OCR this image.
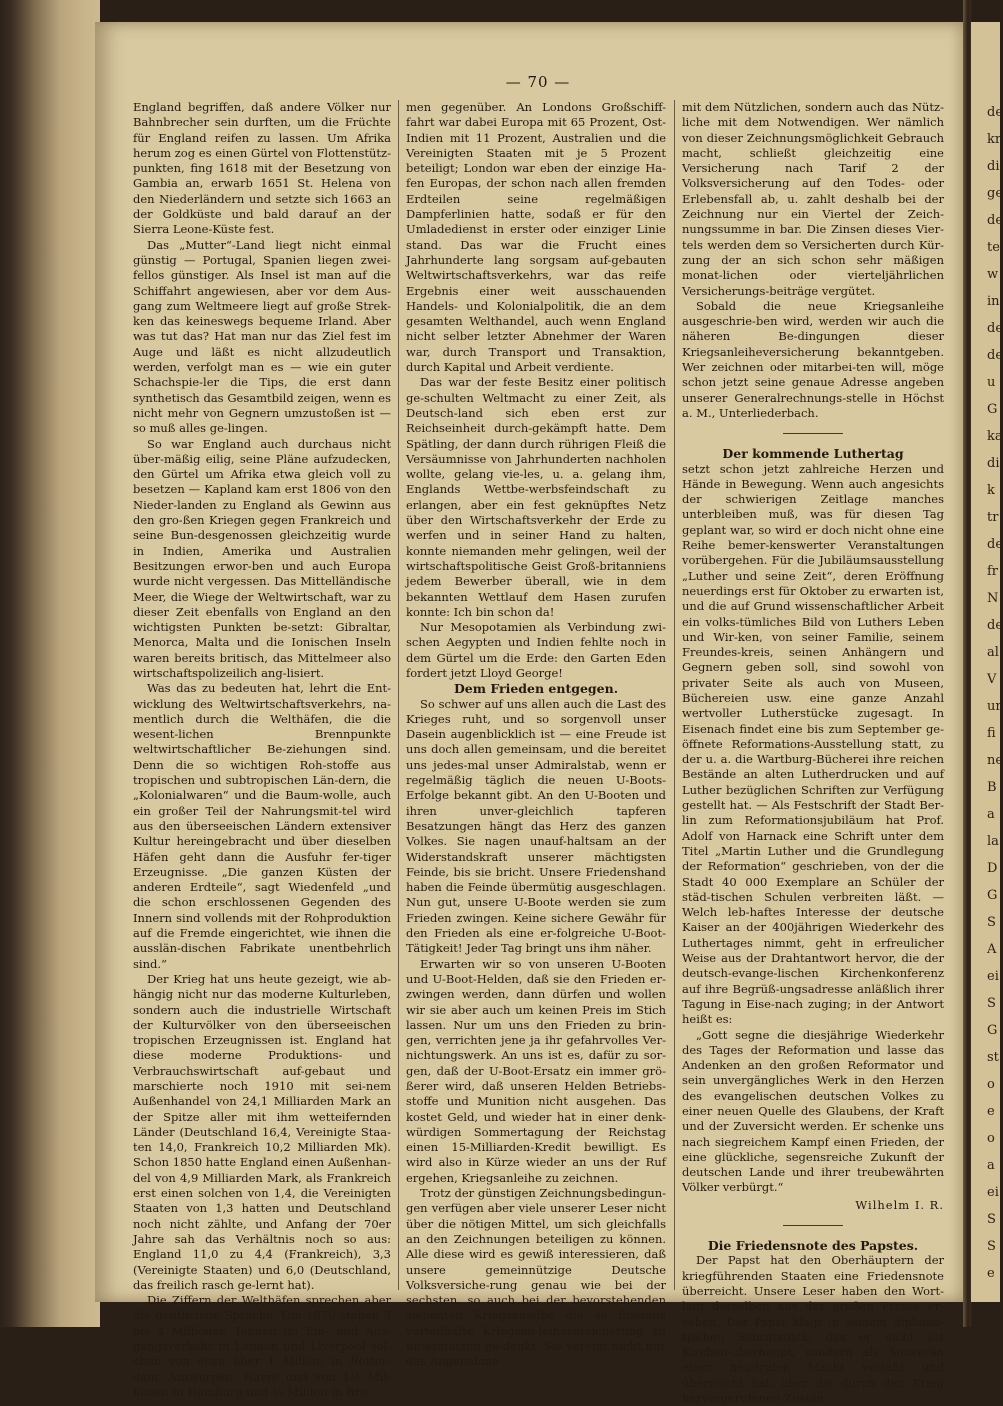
de
kr
di
ge
de
te
w
in
de
de
u
G
ka
di
k
tr
de
fr
N
de
al
V
ur
fi
ne
B
a
la
D
G
S
A
ei
S
G
st
o
e
o
a
ei
S
S
e
— 70 —

England begriffen, daß andere Völker nur Bahnbrecher sein durften, um die Früchte für England reifen zu lassen. Um Afrika herum zog es einen Gürtel von Flottenstütz-punkten, fing 1618 mit der Besetzung von Gambia an, erwarb 1651 St. Helena von den Niederländern und setzte sich 1663 an der Goldküste und bald darauf an der Sierra Leone-Küste fest.

Das „Mutter“-Land liegt nicht einmal günstig — Portugal, Spanien liegen zwei-fellos günstiger. Als Insel ist man auf die Schiffahrt angewiesen, aber vor dem Aus-gang zum Weltmeere liegt auf große Strek-ken das keineswegs bequeme Irland. Aber was tut das? Hat man nur das Ziel fest im Auge und läßt es nicht allzudeutlich werden, verfolgt man es — wie ein guter Schachspie-ler die Tips, die erst dann synthetisch das Gesamtbild zeigen, wenn es nicht mehr von Gegnern umzustoßen ist — so muß alles ge-lingen.

So war England auch durchaus nicht über-mäßig eilig, seine Pläne aufzudecken, den Gürtel um Afrika etwa gleich voll zu besetzen — Kapland kam erst 1806 von den Nieder-landen zu England als Gewinn aus den gro-ßen Kriegen gegen Frankreich und seine Bun-desgenossen gleichzeitig wurde in Indien, Amerika und Australien Besitzungen erwor-ben und auch Europa wurde nicht vergessen. Das Mittelländische Meer, die Wiege der Weltwirtschaft, war zu dieser Zeit ebenfalls von England an den wichtigsten Punkten be-setzt: Gibraltar, Menorca, Malta und die Ionischen Inseln waren bereits britisch, das Mittelmeer also wirtschaftspolizeilich ang-lisiert.

Was das zu bedeuten hat, lehrt die Ent-wicklung des Weltwirtschaftsverkehrs, na-mentlich durch die Welthäfen, die die wesent-lichen Brennpunkte weltwirtschaftlicher Be-ziehungen sind. Denn die so wichtigen Roh-stoffe aus tropischen und subtropischen Län-dern, die „Kolonialwaren“ und die Baum-wolle, auch ein großer Teil der Nahrungsmit-tel wird aus den überseeischen Ländern extensiver Kultur hereingebracht und über dieselben Häfen geht dann die Ausfuhr fer-tiger Erzeugnisse. „Die ganzen Küsten der anderen Erdteile“, sagt Wiedenfeld „und die schon erschlossenen Gegenden des Innern sind vollends mit der Rohproduktion auf die Fremde eingerichtet, wie ihnen die ausslän-dischen Fabrikate unentbehrlich sind.“

Der Krieg hat uns heute gezeigt, wie ab-hängig nicht nur das moderne Kulturleben, sondern auch die industrielle Wirtschaft der Kulturvölker von den überseeischen tropischen Erzeugnissen ist. England hat diese moderne Produktions- und Verbrauchswirtschaft auf-gebaut und marschierte noch 1910 mit sei-nem Außenhandel von 24,1 Milliarden Mark an der Spitze aller mit ihm wetteifernden Länder (Deutschland 16,4, Vereinigte Staa-ten 14,0, Frankreich 10,2 Milliarden Mk). Schon 1850 hatte England einen Außenhan-del von 4,9 Milliarden Mark, als Frankreich erst einen solchen von 1,4, die Vereinigten Staaten von 1,3 hatten und Deutschland noch nicht zählte, und Anfang der 70er Jahre sah das Verhältnis noch so aus: England 11,0 zu 4,4 (Frankreich), 3,3 (Vereinigte Staaten) und 6,0 (Deutschland, das freilich rasch ge-lernt hat).

Die Ziffern der Welthäfen sprechen aber die deutlichste Sprache. Um 1870 stehen 3 bis 4 Millionen Tonnen im Ein- und Aus-gangsverkehr in London und Liverpool sol-chen von etwa über 1 Million in Rotter-dam, Antwerpen, Havre und von 1½ Mil-lionen in Hamburg und ½ Million in Bre-

men gegenüber. An Londons Großschiff-fahrt war dabei Europa mit 65 Prozent, Ost-Indien mit 11 Prozent, Australien und die Vereinigten Staaten mit je 5 Prozent beteiligt; London war eben der einzige Ha-fen Europas, der schon nach allen fremden Erdteilen seine regelmäßigen Dampferlinien hatte, sodaß er für den Umladedienst in erster oder einziger Linie stand. Das war die Frucht eines Jahrhunderte lang sorgsam auf-gebauten Weltwirtschaftsverkehrs, war das reife Ergebnis einer weit ausschauenden Handels- und Kolonialpolitik, die an dem gesamten Welthandel, auch wenn England nicht selber letzter Abnehmer der Waren war, durch Transport und Transaktion, durch Kapital und Arbeit verdiente.

Das war der feste Besitz einer politisch ge-schulten Weltmacht zu einer Zeit, als Deutsch-land sich eben erst zur Reichseinheit durch-gekämpft hatte. Dem Spätling, der dann durch rührigen Fleiß die Versäumnisse von Jahrhunderten nachholen wollte, gelang vie-les, u. a. gelang ihm, Englands Wettbe-werbsfeindschaft zu erlangen, aber ein fest geknüpftes Netz über den Wirtschaftsverkehr der Erde zu werfen und in seiner Hand zu halten, konnte niemanden mehr gelingen, weil der wirtschaftspolitische Geist Groß-britanniens jedem Bewerber überall, wie in dem bekannten Wettlauf dem Hasen zurufen konnte: Ich bin schon da!

Nur Mesopotamien als Verbindung zwi-schen Aegypten und Indien fehlte noch in dem Gürtel um die Erde: den Garten Eden fordert jetzt Lloyd George!

Dem Frieden entgegen.

So schwer auf uns allen auch die Last des Krieges ruht, und so sorgenvoll unser Dasein augenblicklich ist — eine Freude ist uns doch allen gemeinsam, und die bereitet uns jedes-mal unser Admiralstab, wenn er regelmäßig täglich die neuen U-Boots-Erfolge bekannt gibt. An den U-Booten und ihren unver-gleichlich tapferen Besatzungen hängt das Herz des ganzen Volkes. Sie nagen unauf-haltsam an der Widerstandskraft unserer mächtigsten Feinde, bis sie bricht. Unsere Friedenshand haben die Feinde übermütig ausgeschlagen. Nun gut, unsere U-Boote werden sie zum Frieden zwingen. Keine sichere Gewähr für den Frieden als eine er-folgreiche U-Boot-Tätigkeit! Jeder Tag bringt uns ihm näher.

Erwarten wir so von unseren U-Booten und U-Boot-Helden, daß sie den Frieden er-zwingen werden, dann dürfen und wollen wir sie aber auch um keinen Preis im Stich lassen. Nur um uns den Frieden zu brin-gen, verrichten jene ja ihr gefahrvolles Ver-nichtungswerk. An uns ist es, dafür zu sor-gen, daß der U-Boot-Ersatz ein immer grö-ßerer wird, daß unseren Helden Betriebs-stoffe und Munition nicht ausgehen. Das kostet Geld, und wieder hat in einer denk-würdigen Sommertagung der Reichstag einen 15-Milliarden-Kredit bewilligt. Es wird also in Kürze wieder an uns der Ruf ergehen, Kriegsanleihe zu zeichnen.

Trotz der günstigen Zeichnungsbedingun-gen verfügen aber viele unserer Leser nicht über die nötigen Mittel, um sich gleichfalls an den Zeichnungen beteiligen zu können. Alle diese wird es gewiß interessieren, daß unsere gemeinnützige Deutsche Volksversiche-rung genau wie bei der sechsten, so auch bei der bevorstehenden siebenten Kriegsanleihe die so überaus vorteilhafte Kriegsan-leiheversicherung zu unterstützen ge-denkt. Sie vereint nicht nur das Angenehme

mit dem Nützlichen, sondern auch das Nütz-liche mit dem Notwendigen. Wer nämlich von dieser Zeichnungsmöglichkeit Gebrauch macht, schließt gleichzeitig eine Versicherung nach Tarif 2 der Volksversicherung auf den Todes- oder Erlebensfall ab, u. zahlt deshalb bei der Zeichnung nur ein Viertel der Zeich-nungssumme in bar. Die Zinsen dieses Vier-tels werden dem so Versicherten durch Kür-zung der an sich schon sehr mäßigen monat-lichen oder vierteljährlichen Versicherungs-beiträge vergütet.

Sobald die neue Kriegsanleihe ausgeschrie-ben wird, werden wir auch die näheren Be-dingungen dieser Kriegsanleiheversicherung bekanntgeben. Wer zeichnen oder mitarbei-ten will, möge schon jetzt seine genaue Adresse angeben unserer Generalrechnungs-stelle in Höchst a. M., Unterliederbach.

Der kommende Luthertag

setzt schon jetzt zahlreiche Herzen und Hände in Bewegung. Wenn auch angesichts der schwierigen Zeitlage manches unterbleiben muß, was für diesen Tag geplant war, so wird er doch nicht ohne eine Reihe bemer-kenswerter Veranstaltungen vorübergehen. Für die Jubiläumsausstellung „Luther und seine Zeit“, deren Eröffnung neuerdings erst für Oktober zu erwarten ist, und die auf Grund wissenschaftlicher Arbeit ein volks-tümliches Bild von Luthers Leben und Wir-ken, von seiner Familie, seinem Freundes-kreis, seinen Anhängern und Gegnern geben soll, sind sowohl von privater Seite als auch von Museen, Büchereien usw. eine ganze Anzahl wertvoller Lutherstücke zugesagt. In Eisenach findet eine bis zum September ge-öffnete Reformations-Ausstellung statt, zu der u. a. die Wartburg-Bücherei ihre reichen Bestände an alten Lutherdrucken und auf Luther bezüglichen Schriften zur Verfügung gestellt hat. — Als Festschrift der Stadt Ber-lin zum Reformationsjubiläum hat Prof. Adolf von Harnack eine Schrift unter dem Titel „Martin Luther und die Grundlegung der Reformation“ geschrieben, von der die Stadt 40 000 Exemplare an Schüler der städ-tischen Schulen verbreiten läßt. — Welch leb-haftes Interesse der deutsche Kaiser an der 400jährigen Wiederkehr des Luthertages nimmt, geht in erfreulicher Weise aus der Drahtantwort hervor, die der deutsch-evange-lischen Kirchenkonferenz auf ihre Begrüß-ungsadresse anläßlich ihrer Tagung in Eise-nach zuging; in der Antwort heißt es:

„Gott segne die diesjährige Wiederkehr des Tages der Reformation und lasse das Andenken an den großen Reformator und sein unvergängliches Werk in den Herzen des evangelischen deutschen Volkes zu einer neuen Quelle des Glaubens, der Kraft und der Zuversicht werden. Er schenke uns nach siegreichem Kampf einen Frieden, der eine glückliche, segensreiche Zukunft der deutschen Lande und ihrer treubewährten Völker verbürgt.“

Wilhelm I. R.

Die Friedensnote des Papstes.

Der Papst hat den Oberhäuptern der kriegführenden Staaten eine Friedensnote überreicht. Unsere Leser haben den Wort-laut derselben aus der großen Presse er-sehen. Der Papst klagt in seinem diploma-tischen Schriftstück, das er nicht als Kirchen-oberhaupt, sondern als Souverän einer neu-tralen Macht verfaßt und überreicht hat, über die durch den Krieg hervorgerufenen Zustän-
